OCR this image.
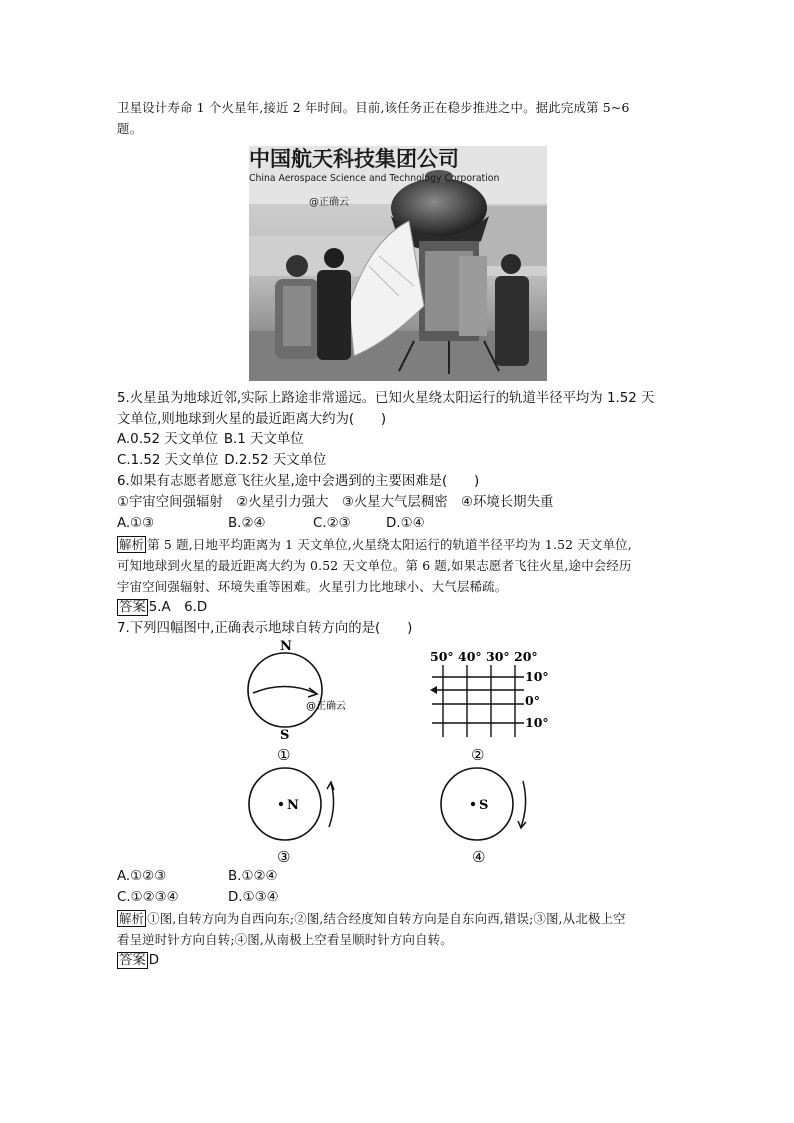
卫星设计寿命 1 个火星年,接近 2 年时间。目前,该任务正在稳步推进之中。据此完成第 5~6
题。
中国航天科技集团公司
China Aerospace Science and Technology Corporation
@正确云
5.火星虽为地球近邻,实际上路途非常遥远。已知火星绕太阳运行的轨道半径平均为 1.52 天
文单位,则地球到火星的最近距离大约为(　　)
A.0.52 天文单位 B.1 天文单位
C.1.52 天文单位 D.2.52 天文单位
6.如果有志愿者愿意飞往火星,途中会遇到的主要困难是(　　)
①宇宙空间强辐射　②火星引力强大　③火星大气层稠密　④环境长期失重
A.①③	B.②④	C.②③	D.①④
解析 第 5 题,日地平均距离为 1 天文单位,火星绕太阳运行的轨道半径平均为 1.52 天文单位,
可知地球到火星的最近距离大约为 0.52 天文单位。第 6 题,如果志愿者飞往火星,途中会经历
宇宙空间强辐射、环境失重等困难。火星引力比地球小、大气层稀疏。
答案 5.A　6.D
7.下列四幅图中,正确表示地球自转方向的是(　　)
N
S
@正确云
①
50° 40° 30° 20°
10°
0°
10°
②
N
③
S
④
A.①②③	B.①②④
C.①②③④	D.①③④
解析 ①图,自转方向为自西向东;②图,结合经度知自转方向是自东向西,错误;③图,从北极上空
看呈逆时针方向自转;④图,从南极上空看呈顺时针方向自转。
答案 D
